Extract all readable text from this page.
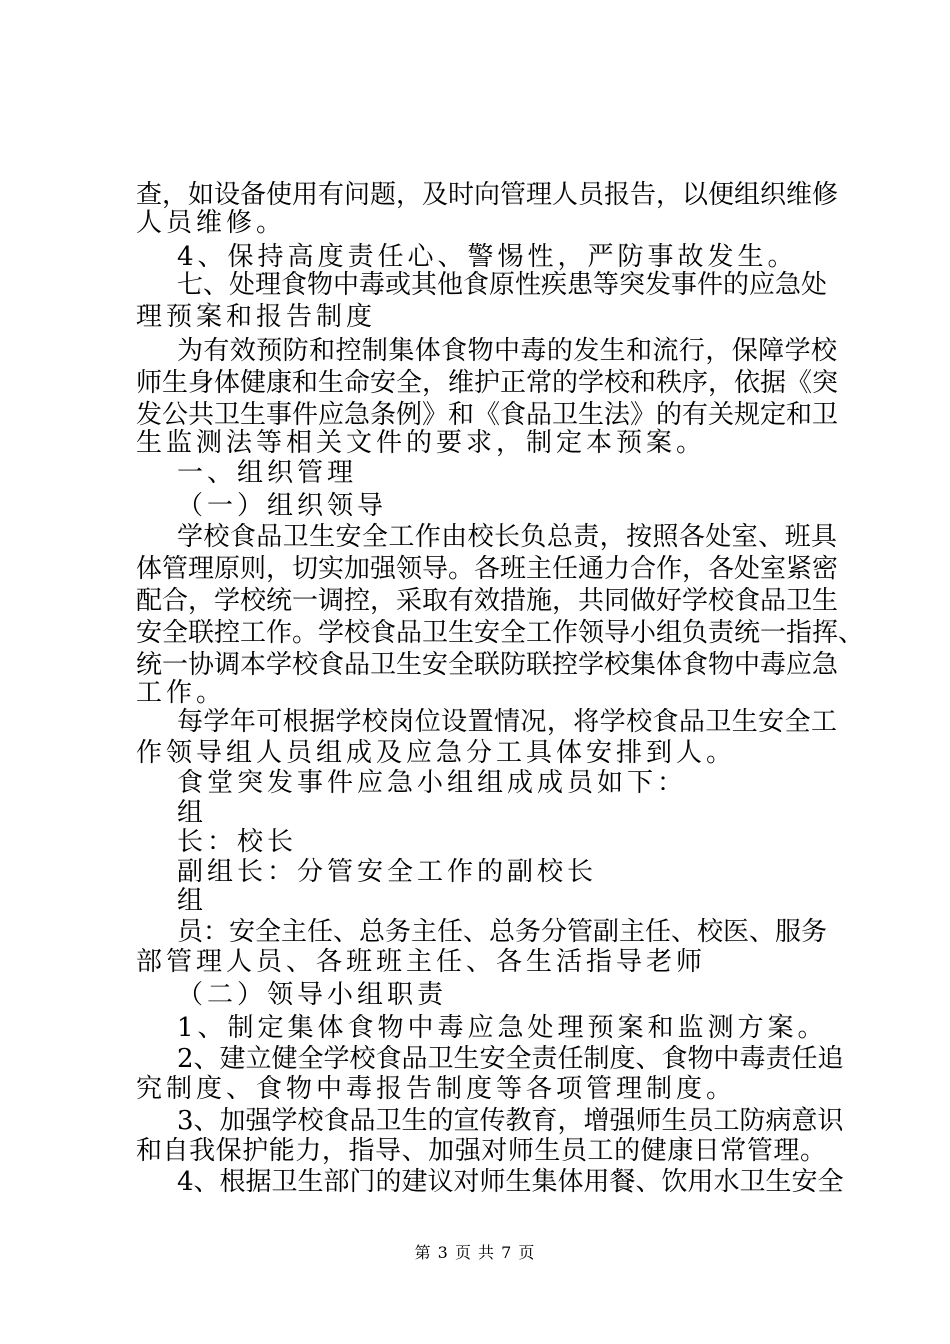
查，如设备使用有问题，及时向管理人员报告，以便组织维修
人员维修。
4、保持高度责任心、警惕性，严防事故发生。
七、处理食物中毒或其他食原性疾患等突发事件的应急处
理预案和报告制度
为有效预防和控制集体食物中毒的发生和流行，保障学校
师生身体健康和生命安全，维护正常的学校和秩序，依据《突
发公共卫生事件应急条例》和《食品卫生法》的有关规定和卫
生监测法等相关文件的要求，制定本预案。
一、组织管理
（一）组织领导
学校食品卫生安全工作由校长负总责，按照各处室、班具
体管理原则，切实加强领导。各班主任通力合作，各处室紧密
配合，学校统一调控，采取有效措施，共同做好学校食品卫生
安全联控工作。学校食品卫生安全工作领导小组负责统一指挥、
统一协调本学校食品卫生安全联防联控学校集体食物中毒应急
工作。
每学年可根据学校岗位设置情况，将学校食品卫生安全工
作领导组人员组成及应急分工具体安排到人。
食堂突发事件应急小组组成成员如下：
组
长：校长
副组长：分管安全工作的副校长
组
员：安全主任、总务主任、总务分管副主任、校医、服务
部管理人员、各班班主任、各生活指导老师
（二）领导小组职责
1、制定集体食物中毒应急处理预案和监测方案。
2、建立健全学校食品卫生安全责任制度、食物中毒责任追
究制度、食物中毒报告制度等各项管理制度。
3、加强学校食品卫生的宣传教育，增强师生员工防病意识
和自我保护能力，指导、加强对师生员工的健康日常管理。
4、根据卫生部门的建议对师生集体用餐、饮用水卫生安全
第 3 页 共 7 页
